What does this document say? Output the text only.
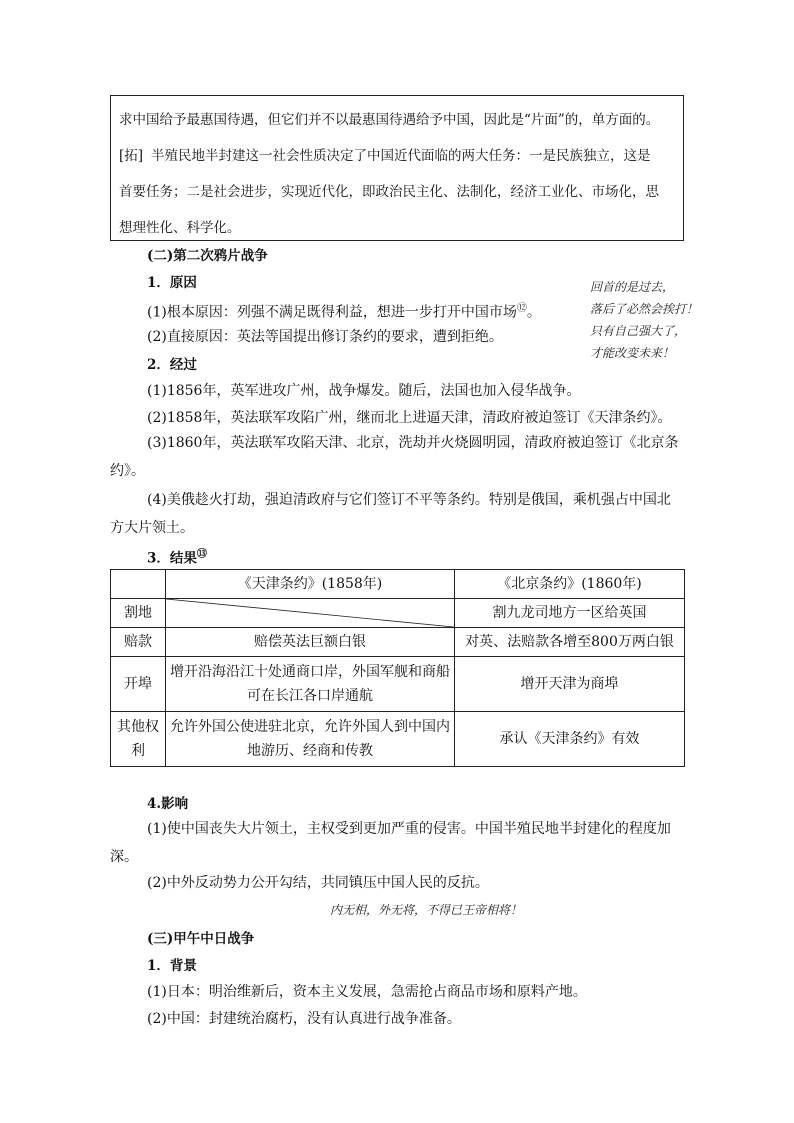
求中国给予最惠国待遇，但它们并不以最惠国待遇给予中国，因此是“片面”的，单方面的。

[拓] 半殖民地半封建这一社会性质决定了中国近代面临的两大任务：一是民族独立，这是

首要任务；二是社会进步，实现近代化，即政治民主化、法制化，经济工业化、市场化，思

想理性化、科学化。

(二)第二次鸦片战争
1．原因
(1)根本原因：列强不满足既得利益，想进一步打开中国市场⑫。
(2)直接原因：英法等国提出修订条约的要求，遭到拒绝。
2．经过
(1)1856年，英军进攻广州，战争爆发。随后，法国也加入侵华战争。
(2)1858年，英法联军攻陷广州，继而北上进逼天津，清政府被迫签订《天津条约》。

(3)1860年，英法联军攻陷天津、北京，洗劫并火烧圆明园，清政府被迫签订《北京条约》。

(4)美俄趁火打劫，强迫清政府与它们签订不平等条约。特别是俄国，乘机强占中国北方大片领土。

3．结果⑬
回首的是过去，
落后了必然会挨打！
只有自己强大了，
才能改变未来！
	《天津条约》(1858年)	《北京条约》(1860年)
割地		割九龙司地方一区给英国
赔款	赔偿英法巨额白银	对英、法赔款各增至800万两白银
开埠	增开沿海沿江十处通商口岸，外国军舰和商船可在长江各口岸通航	增开天津为商埠
其他权利	允许外国公使进驻北京，允许外国人到中国内地游历、经商和传教	承认《天津条约》有效
4.影响

(1)使中国丧失大片领土，主权受到更加严重的侵害。中国半殖民地半封建化的程度加深。

(2)中外反动势力公开勾结，共同镇压中国人民的反抗。
内无相，外无将，不得已王帝相将！
(三)甲午中日战争
1．背景
(1)日本：明治维新后，资本主义发展，急需抢占商品市场和原料产地。
(2)中国：封建统治腐朽，没有认真进行战争准备。
